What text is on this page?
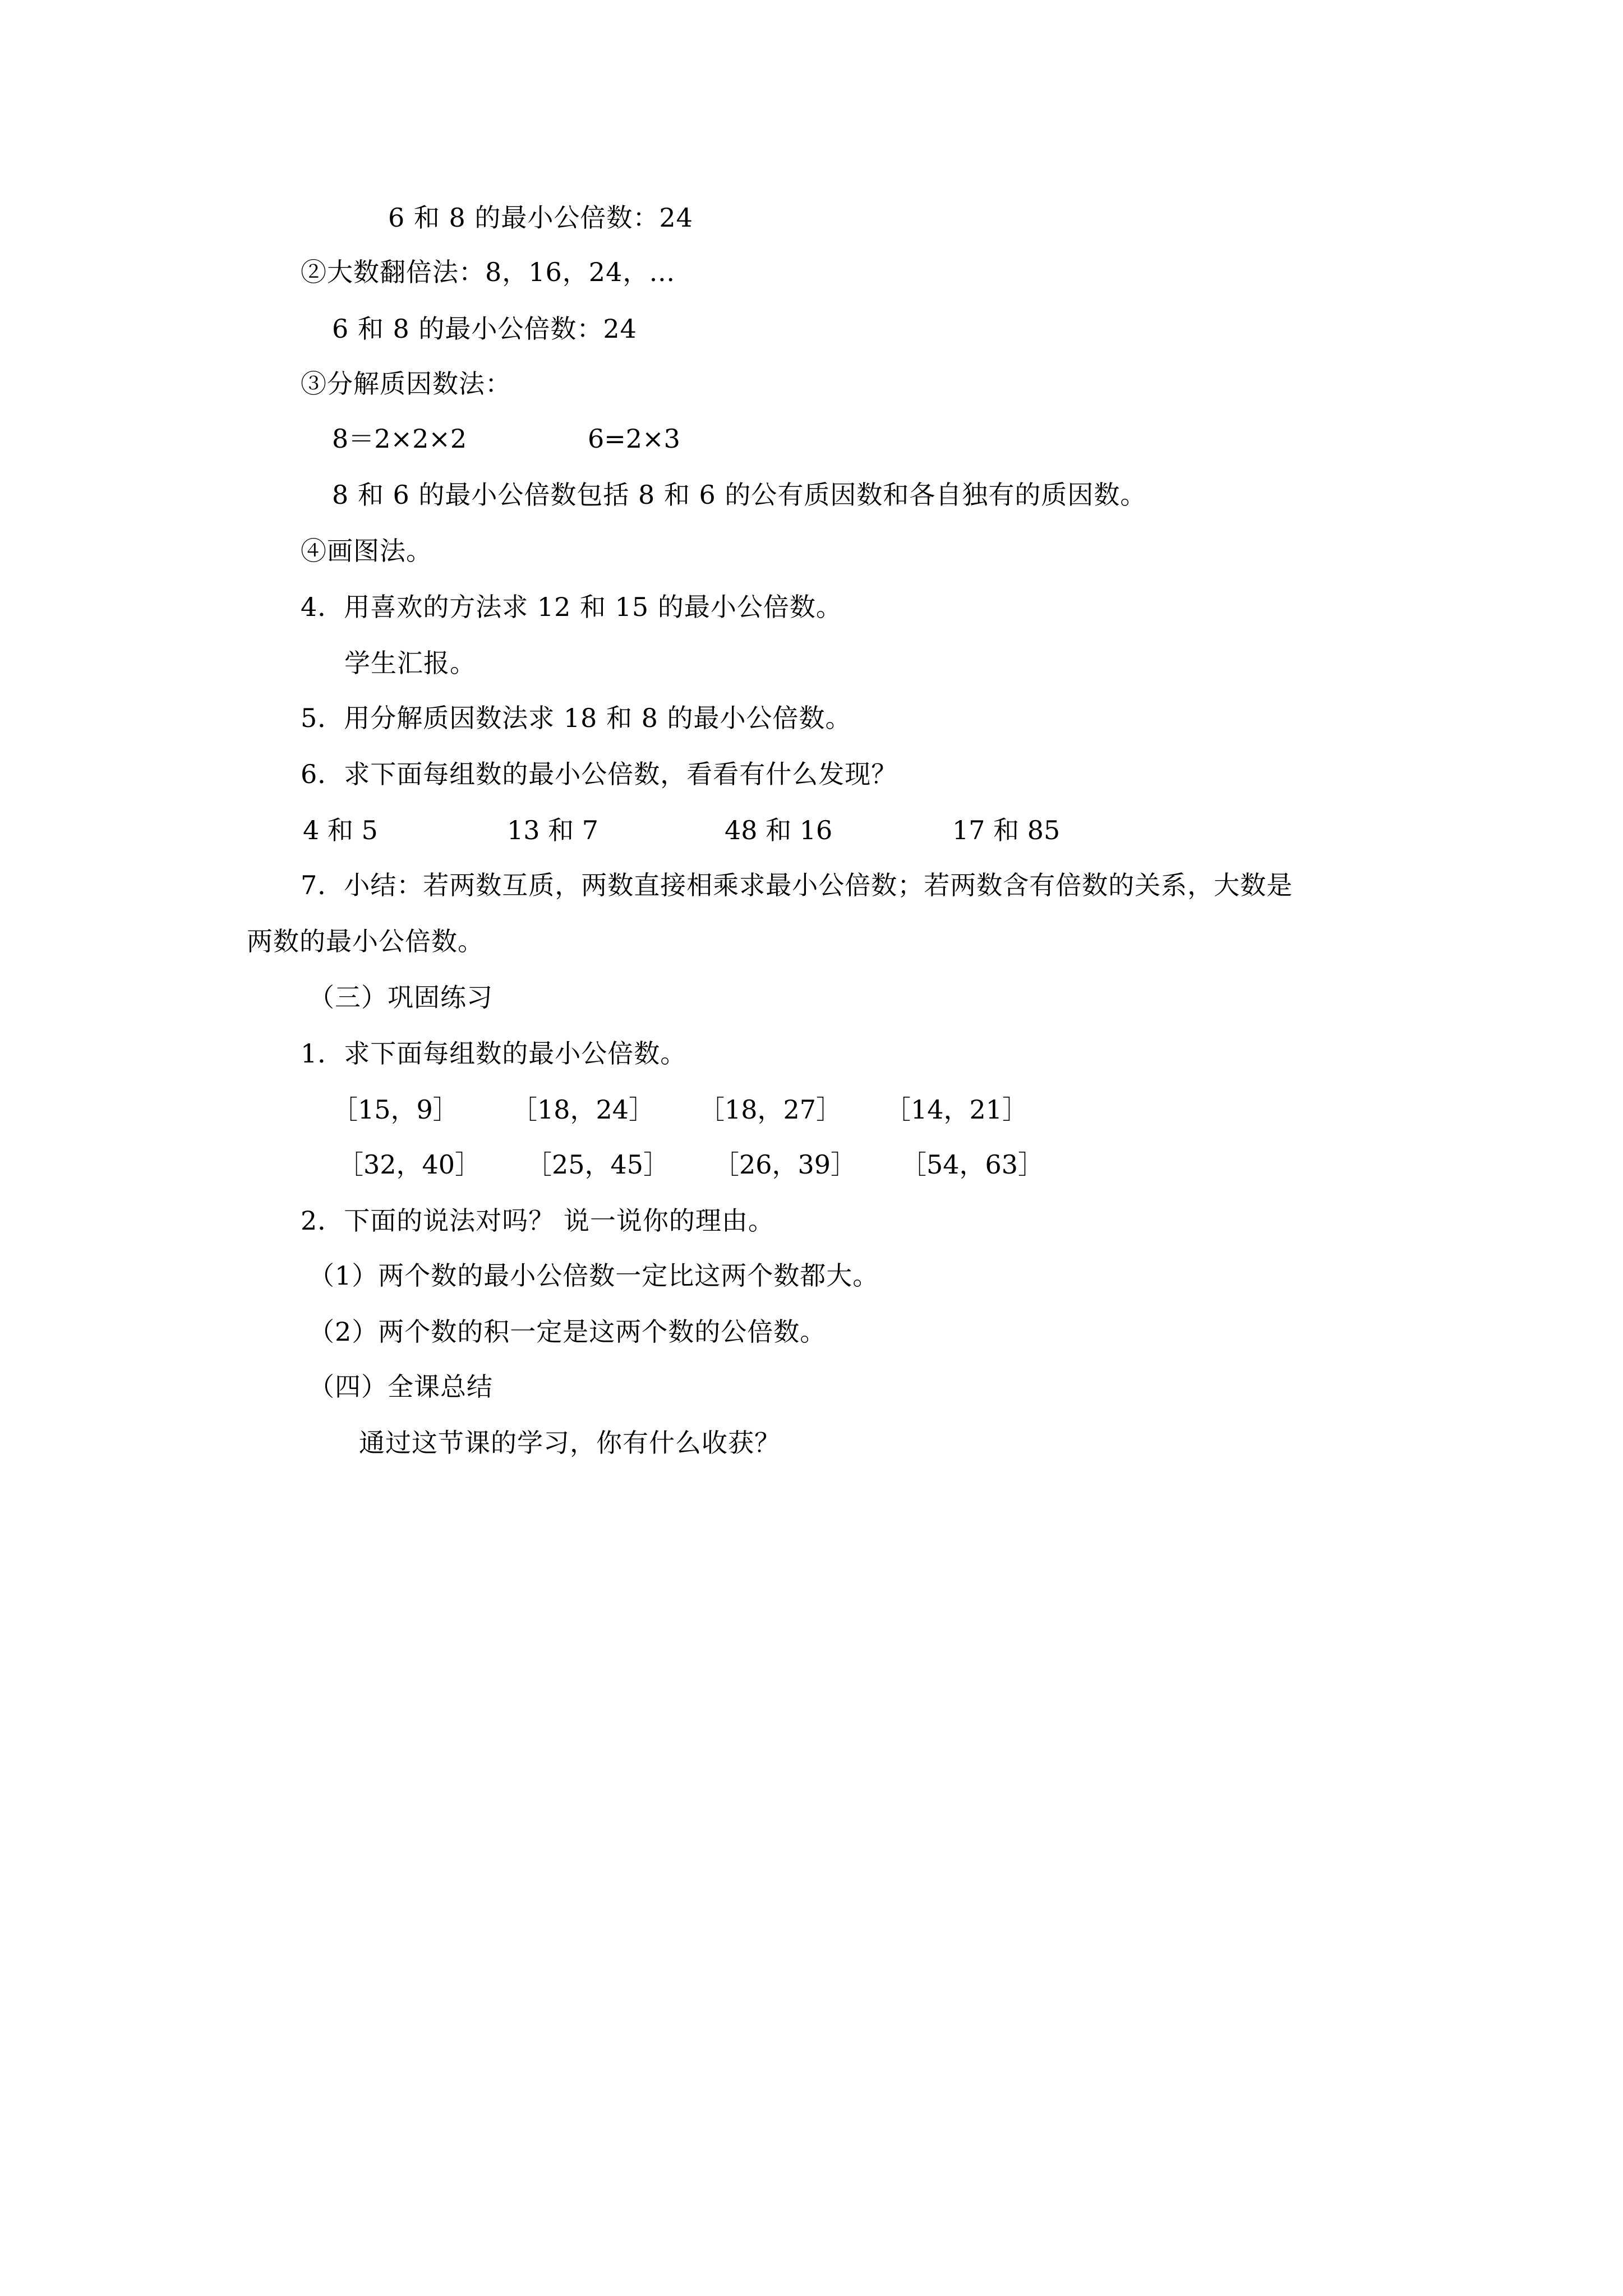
6 和 8 的最小公倍数：24
②大数翻倍法：8，16，24，…
6 和 8 的最小公倍数：24
③分解质因数法：
8＝2×2×2	6=2×3
8 和 6 的最小公倍数包括 8 和 6 的公有质因数和各自独有的质因数。
④画图法。
4．用喜欢的方法求 12 和 15 的最小公倍数。
学生汇报。
5．用分解质因数法求 18 和 8 的最小公倍数。
6．求下面每组数的最小公倍数，看看有什么发现？
4 和 5	13 和 7	48 和 16	17 和 85
7．小结：若两数互质，两数直接相乘求最小公倍数；若两数含有倍数的关系，大数是
两数的最小公倍数。
（三）巩固练习
1．求下面每组数的最小公倍数。
［15，9］ ［18，24］ ［18，27］ ［14，21］
［32，40］ ［25，45］ ［26，39］ ［54，63］
2．下面的说法对吗？ 说一说你的理由。
（1）两个数的最小公倍数一定比这两个数都大。
（2）两个数的积一定是这两个数的公倍数。
（四）全课总结
通过这节课的学习，你有什么收获？
